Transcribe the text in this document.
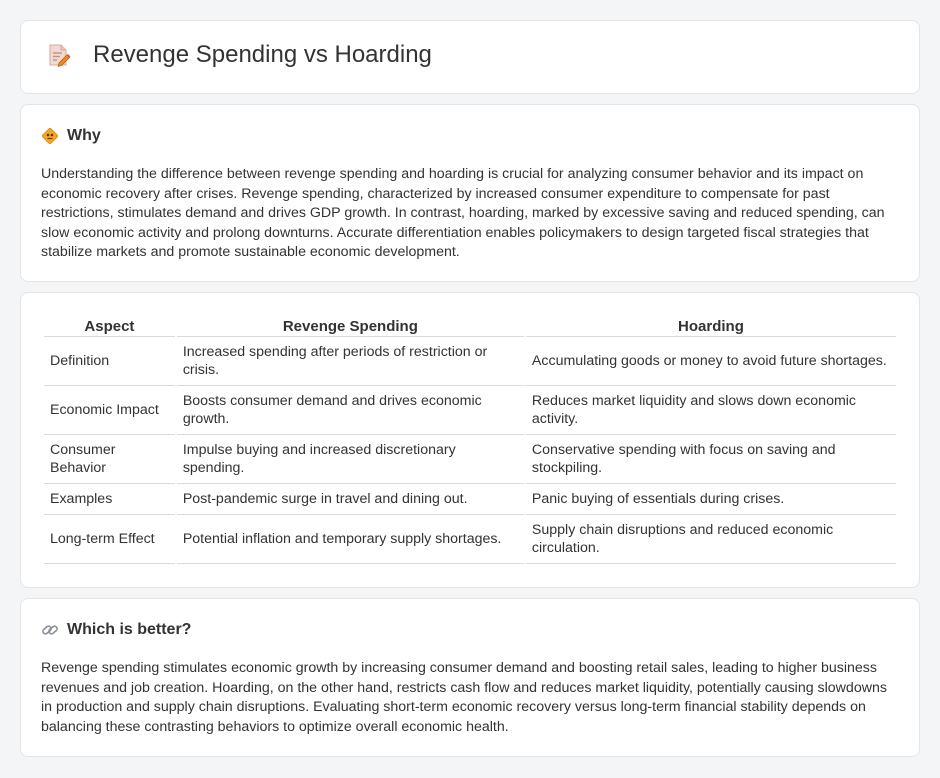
Revenge Spending vs Hoarding
Why

Understanding the difference between revenge spending and hoarding is crucial for analyzing consumer behavior and its impact on economic recovery after crises. Revenge spending, characterized by increased consumer expenditure to compensate for past restrictions, stimulates demand and drives GDP growth. In contrast, hoarding, marked by excessive saving and reduced spending, can slow economic activity and prolong downturns. Accurate differentiation enables policymakers to design targeted fiscal strategies that stabilize markets and promote sustainable economic development.

Aspect	Revenge Spending	Hoarding
Definition	Increased spending after periods of restriction or crisis.	Accumulating goods or money to avoid future shortages.
Economic Impact	Boosts consumer demand and drives economic growth.	Reduces market liquidity and slows down economic activity.
Consumer Behavior	Impulse buying and increased discretionary spending.	Conservative spending with focus on saving and stockpiling.
Examples	Post-pandemic surge in travel and dining out.	Panic buying of essentials during crises.
Long-term Effect	Potential inflation and temporary supply shortages.	Supply chain disruptions and reduced economic circulation.
Which is better?

Revenge spending stimulates economic growth by increasing consumer demand and boosting retail sales, leading to higher business revenues and job creation. Hoarding, on the other hand, restricts cash flow and reduces market liquidity, potentially causing slowdowns in production and supply chain disruptions. Evaluating short-term economic recovery versus long-term financial stability depends on balancing these contrasting behaviors to optimize overall economic health.
